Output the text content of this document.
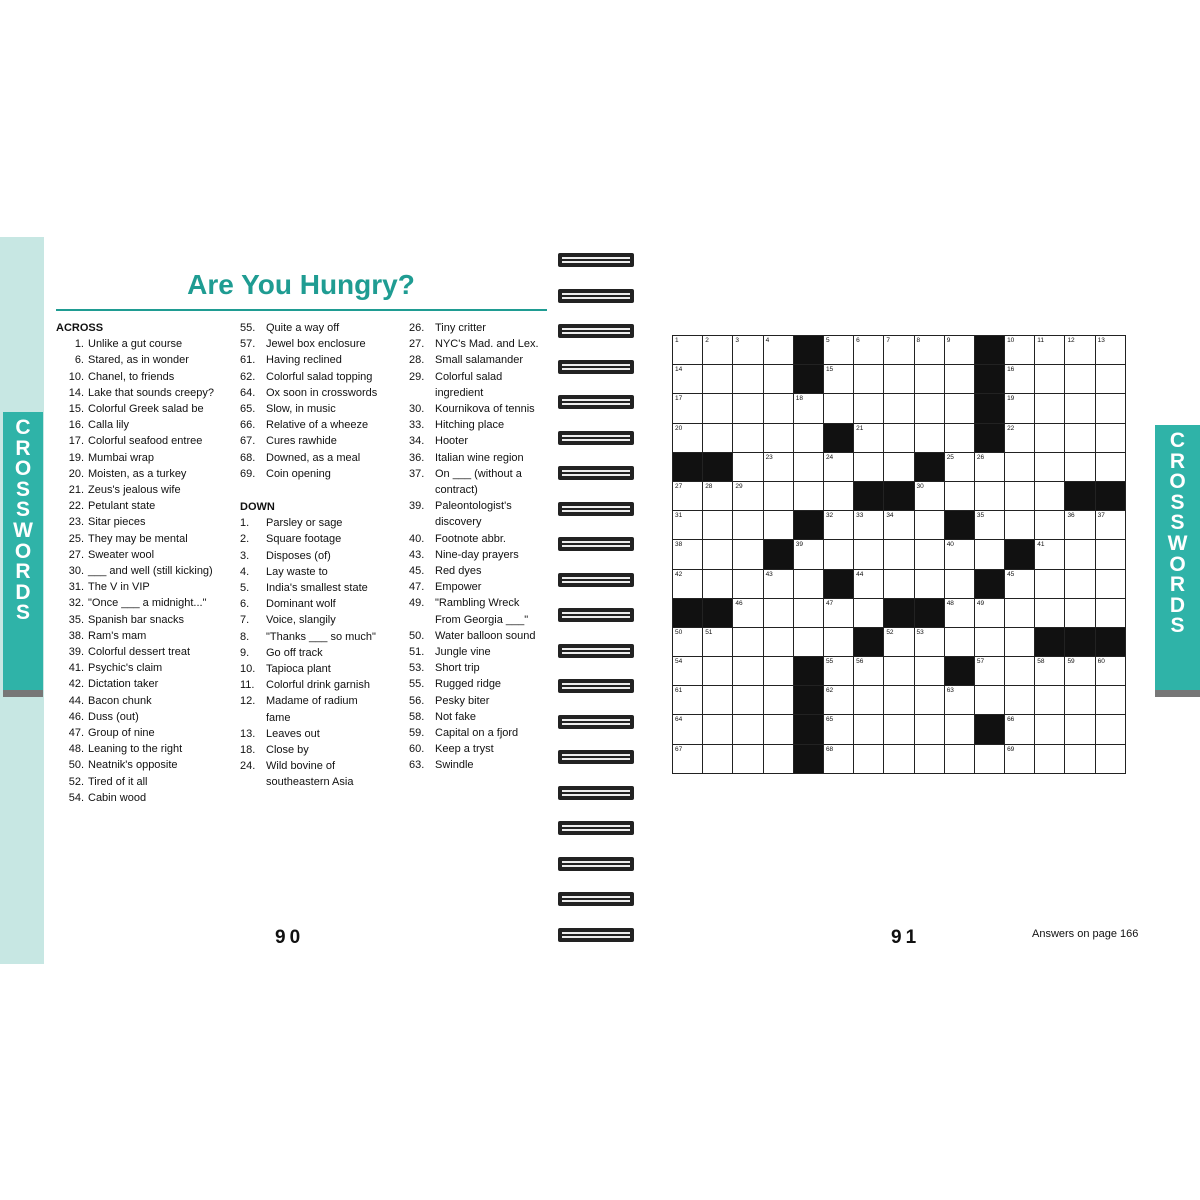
CROSSWORDS
Are You Hungry?
ACROSS
1. Unlike a gut course
6. Stared, as in wonder
10. Chanel, to friends
14. Lake that sounds creepy?
15. Colorful Greek salad be
16. Calla lily
17. Colorful seafood entree
19. Mumbai wrap
20. Moisten, as a turkey
21. Zeus's jealous wife
22. Petulant state
23. Sitar pieces
25. They may be mental
27. Sweater wool
30. ___ and well (still kicking)
31. The V in VIP
32. "Once ___ a midnight..."
35. Spanish bar snacks
38. Ram's mam
39. Colorful dessert treat
41. Psychic's claim
42. Dictation taker
44. Bacon chunk
46. Duss (out)
47. Group of nine
48. Leaning to the right
50. Neatnik's opposite
52. Tired of it all
54. Cabin wood
55. Quite a way off
57. Jewel box enclosure
61. Having reclined
62. Colorful salad topping
64. Ox soon in crosswords
65. Slow, in music
66. Relative of a wheeze
67. Cures rawhide
68. Downed, as a meal
69. Coin opening
DOWN
1.	Parsley or sage
2.	Square footage
3.	Disposes (of)
4.	Lay waste to
5.	India's smallest state
6.	Dominant wolf
7.	Voice, slangily
8.	"Thanks ___ so much"
9.	Go off track
10. Tapioca plant
11.	Colorful drink garnish
12. Madame of radium
fame
13. Leaves out
18. Close by
24. Wild bovine of
southeastern Asia
26. Tiny critter
27. NYC's Mad. and Lex.
28. Small salamander
29. Colorful salad
ingredient
30. Kournikova of tennis
33. Hitching place
34. Hooter
36. Italian wine region
37. On ___ (without a
contract)
39. Paleontologist's
discovery
40. Footnote abbr.
43. Nine-day prayers
45. Red dyes
47. Empower
49. "Rambling Wreck
From Georgia ___"
50. Water balloon sound
51. Jungle vine
53. Short trip
55. Rugged ridge
56. Pesky biter
58. Not fake
59. Capital on a fjord
60. Keep a tryst
63. Swindle
90
CROSSWORDS
91	Answers on page 166
1	2	3	4		5	6	7	8	9		10	11	12	13

14					15						16			

17				18							19			

20						21					22			

			23		24				25	26				

27	28	29						30						

31					32	33	34			35			36	37

38				39					40			41		

42			43			44					45			

		46			47				48	49				

50	51						52	53						

54					55	56				57		58	59	60

61					62				63					

64					65						66			

67					68						69			
